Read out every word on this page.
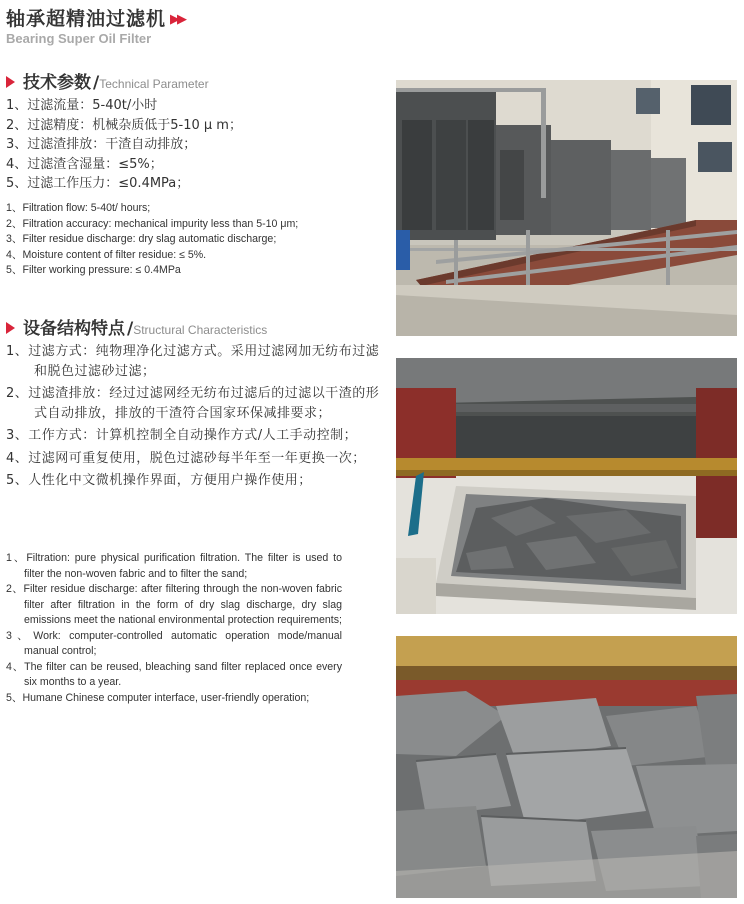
轴承超精油过滤机 ▶▶
Bearing Super Oil Filter
技术参数 /Technical Parameter
1、过滤流量：5-40t/小时
2、过滤精度：机械杂质低于5-10 μ m；
3、过滤渣排放：干渣自动排放；
4、过滤渣含湿量：≤5%；
5、过滤工作压力：≤0.4MPa；
1、Filtration flow: 5-40t/ hours;
2、Filtration accuracy: mechanical impurity less than 5-10 μm;
3、Filter residue discharge: dry slag automatic discharge;
4、Moisture content of filter residue: ≤ 5%.
5、Filter working pressure: ≤ 0.4MPa
设备结构特点 /Structural Characteristics
1、过滤方式：纯物理净化过滤方式。采用过滤网加无纺布过滤和脱色过滤砂过滤；
2、过滤渣排放：经过过滤网经无纺布过滤后的过滤以干渣的形式自动排放，排放的干渣符合国家环保减排要求；
3、工作方式：计算机控制全自动操作方式/人工手动控制；
4、过滤网可重复使用，脱色过滤砂每半年至一年更换一次；
5、人性化中文微机操作界面，方便用户操作使用；
1、Filtration: pure physical purification filtration. The filter is used to filter the non-woven fabric and to filter the sand;
2、Filter residue discharge: after filtering through the non-woven fabric filter after filtration in the form of dry slag discharge, dry slag emissions meet the national environmental protection requirements;
3、Work: computer-controlled automatic operation mode/manual manual control;
4、The filter can be reused, bleaching sand filter replaced once every six months to a year.
5、Humane Chinese computer interface, user-friendly operation;
